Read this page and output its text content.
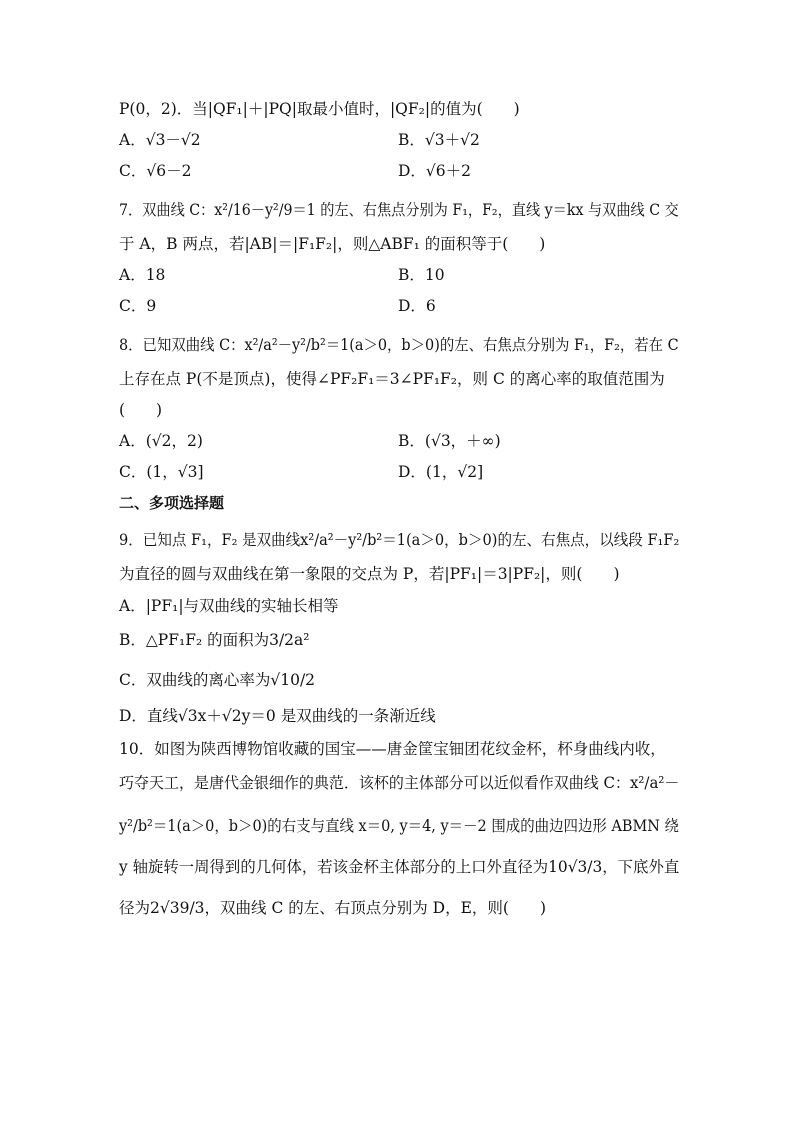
P(0，2)．当|QF₁|＋|PQ|取最小值时，|QF₂|的值为(　　)
A．√3－√2	B．√3＋√2
C．√6－2	D．√6＋2
7．双曲线 C：x²/16－y²/9＝1 的左、右焦点分别为 F₁，F₂，直线 y＝kx 与双曲线 C 交
于 A，B 两点，若|AB|＝|F₁F₂|，则△ABF₁ 的面积等于(　　)
A．18	B．10
C．9	D．6
8．已知双曲线 C：x²/a²－y²/b²＝1(a＞0，b＞0)的左、右焦点分别为 F₁，F₂，若在 C
上存在点 P(不是顶点)，使得∠PF₂F₁＝3∠PF₁F₂，则 C 的离心率的取值范围为
(　　)
A．(√2，2)	B．(√3，＋∞)
C．(1，√3]	D．(1，√2]
二、多项选择题
9．已知点 F₁，F₂ 是双曲线x²/a²－y²/b²＝1(a＞0，b＞0)的左、右焦点，以线段 F₁F₂
为直径的圆与双曲线在第一象限的交点为 P，若|PF₁|＝3|PF₂|，则(　　)
A．|PF₁|与双曲线的实轴长相等
B．△PF₁F₂ 的面积为3/2a²
C．双曲线的离心率为√10/2
D．直线√3x＋√2y＝0 是双曲线的一条渐近线
10．如图为陕西博物馆收藏的国宝——唐金筐宝钿团花纹金杯，杯身曲线内收，
巧夺天工，是唐代金银细作的典范．该杯的主体部分可以近似看作双曲线 C：x²/a²－
y²/b²＝1(a＞0，b＞0)的右支与直线 x＝0, y＝4, y＝－2 围成的曲边四边形 ABMN 绕
y 轴旋转一周得到的几何体，若该金杯主体部分的上口外直径为10√3/3，下底外直
径为2√39/3，双曲线 C 的左、右顶点分别为 D，E，则(　　)
